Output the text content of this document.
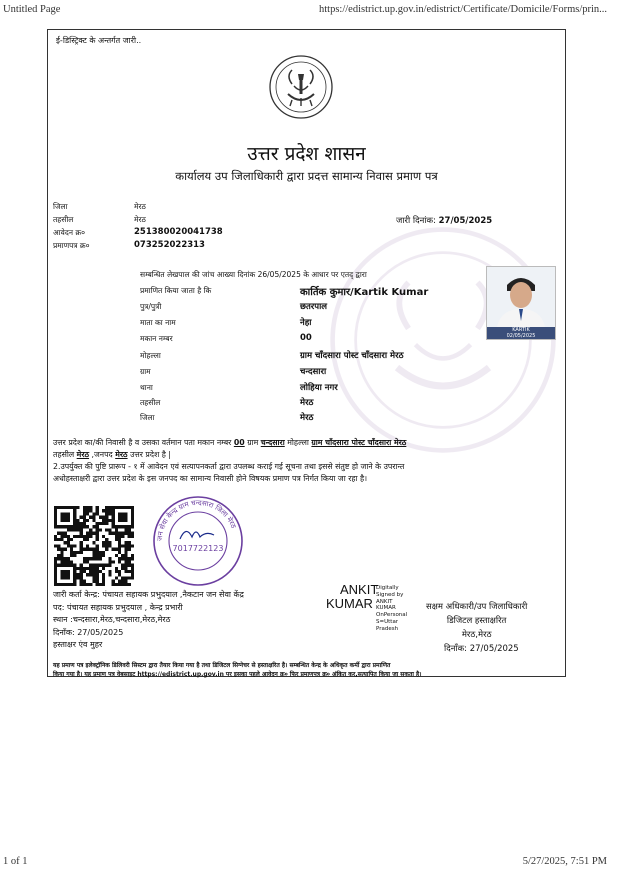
Untitled Page	https://edistrict.up.gov.in/edistrict/Certificate/Domicile/Forms/prin...
ई-डिस्ट्रिक्ट के अन्तर्गत जारी..
उत्तर प्रदेश शासन
कार्यालय उप जिलाधिकारी द्वारा प्रदत्त सामान्य निवास प्रमाण पत्र
जिला	मेरठ
तहसील	मेरठ	जारी दिनांक: 27/05/2025
आवेदन क्र०	251380020041738
प्रमाणपत्र क्र०	073252022313
सम्बन्धित लेखपाल की जांच आख्या दिनांक 26/05/2025 के आधार पर एतद् द्वारा
प्रमाणित किया जाता है कि	कार्तिक कुमार/Kartik Kumar
पुत्र/पुत्री	छतरपाल
माता का नाम	नेहा
मकान नम्बर	00
मोहल्ला	ग्राम चाँदसारा पोस्ट चाँदसारा मेरठ
ग्राम	चन्दसारा
थाना	लोहिया नगर
तहसील	मेरठ
जिला	मेरठ
KARTIK
02/05/2025
उत्तर प्रदेश का/की निवासी है व उसका वर्तमान पता मकान नम्बर 00 ग्राम चन्दसारा मोहल्ला ग्राम चाँदसारा पोस्ट चाँदसारा मेरठ
तहसील मेरठ ,जनपद मेरठ उत्तर प्रदेश है |
2.उपर्युक्त की पुष्टि प्रारूप - १ में आवेदन एवं सत्यापनकर्ता द्वारा उपलब्ध कराई गई सूचना तथा इससे संतुष्ट हो जाने के उपरान्त
अधोहस्ताक्षरी द्वारा उत्तर प्रदेश के इस जनपद का सामान्य निवासी होने विषयक प्रमाण पत्र निर्गत किया जा रहा है।
जन सेवा केन्द्र ग्राम चन्दसारा जिला मेरठ
7017722123
जारी कर्ता केन्द्र: पंचायत सहायक प्रभुदयाल ,नैकटान जन सेवा केंद्र
पद: पंचायत सहायक प्रभुदयाल , केन्द्र प्रभारी
स्थान :चन्दसारा,मेरठ,चन्दसारा,मेरठ,मेरठ
दिनाँक: 27/05/2025
हस्ताक्षर एंव मुहर
ANKIT
KUMAR
Digitally
Signed by
ANKIT
KUMAR
OnPersonal
S=Uttar
Pradesh
सक्षम अधिकारी/उप जिलाधिकारी
डिजिटल हस्ताक्षरित
मेरठ,मेरठ
दिनाँक: 27/05/2025
यह प्रमाण पत्र इलेक्ट्रॉनिक डिलिवरी सिस्टम द्वारा तैयार किया गया है तथा डिजिटल सिग्नेचर से हस्ताक्षरित है। सम्बन्धित केन्द्र के अधिकृत कर्मी द्वारा प्रमाणित
किया गया है। यह प्रमाण पत्र वेबसाइट https://edistrict.up.gov.in पर इसका पहले आवेदन क्र० फिर प्रमाणपत्र क्र० अंकित कर,सत्यापित किया जा सकता है।
1 of 1	5/27/2025, 7:51 PM
